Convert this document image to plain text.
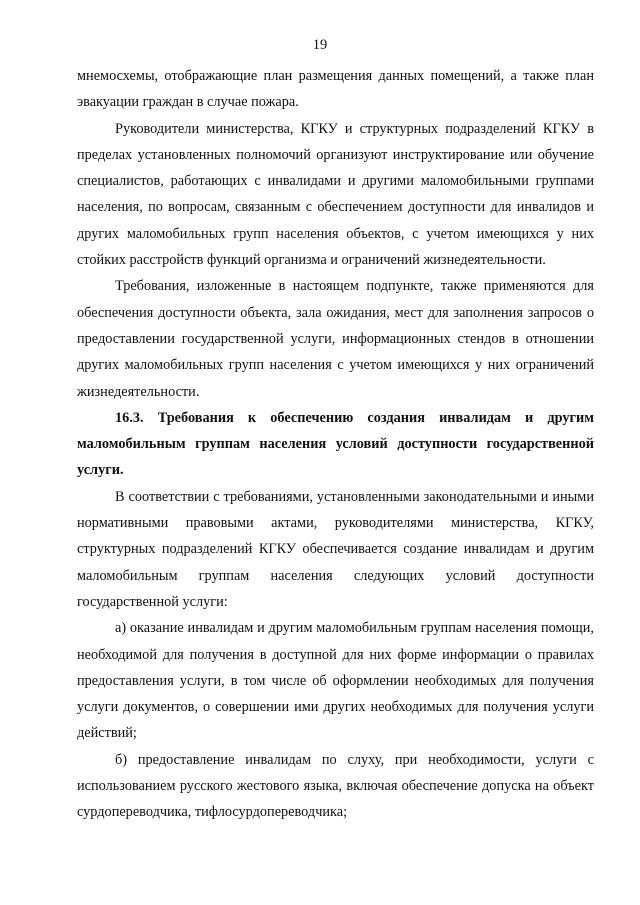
19

мнемосхемы, отображающие план размещения данных помещений, а также план эвакуации граждан в случае пожара.

Руководители министерства, КГКУ и структурных подразделений КГКУ в пределах установленных полномочий организуют инструктирование или обучение специалистов, работающих с инвалидами и другими маломобильными группами населения, по вопросам, связанным с обеспечением доступности для инвалидов и других маломобильных групп населения объектов, с учетом имеющихся у них стойких расстройств функций организма и ограничений жизнедеятельности.

Требования, изложенные в настоящем подпункте, также применяются для обеспечения доступности объекта, зала ожидания, мест для заполнения запросов о предоставлении государственной услуги, информационных стендов в отношении других маломобильных групп населения с учетом имеющихся у них ограничений жизнедеятельности.

16.3. Требования к обеспечению создания инвалидам и другим маломобильным группам населения условий доступности государственной услуги.

В соответствии с требованиями, установленными законодательными и иными нормативными правовыми актами, руководителями министерства, КГКУ, структурных подразделений КГКУ обеспечивается создание инвалидам и другим маломобильным группам населения следующих условий доступности государственной услуги:

а) оказание инвалидам и другим маломобильным группам населения помощи, необходимой для получения в доступной для них форме информации о правилах предоставления услуги, в том числе об оформлении необходимых для получения услуги документов, о совершении ими других необходимых для получения услуги действий;

б) предоставление инвалидам по слуху, при необходимости, услуги с использованием русского жестового языка, включая обеспечение допуска на объект сурдопереводчика, тифлосурдопереводчика;
